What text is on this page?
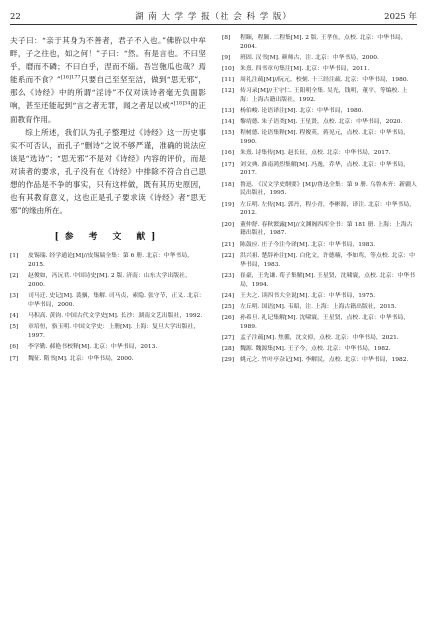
22	湖 南 大 学 学 报（社 会 科 学 版）	2025 年

夫子曰：“亲于其身为不善者，君子不入也。”佛肸以中牟畔，子之往也，如之何！”子曰：“然。有是言也。不曰坚乎，磨而不磷；不曰白乎，涅而不缁。吾岂匏瓜也哉？焉能系而不食？”$^{[16]177}$只要自己至坚至洁，做到“思无邪”，那么《诗经》中的所谓“淫诗”不仅对读诗者毫无负面影响，甚至还能起到“言之者无罪，闻之者足以戒”$^{[18]34}$的正面教育作用。

综上所述，我们认为孔子整理过《诗经》这一历史事实不可否认，而孔子“删诗”之说不够严谨，准确的说法应该是“选诗”；“思无邪”不是对《诗经》内容的评价，而是对读者的要求，孔子没有在《诗经》中排除不符合自己思想的作品是不争的事实，只有这样做，既有其历史原因，也有其教育意义，这也正是孔子要求读《诗经》者“思无邪”的缘由所在。

[参 考 文 献]
[1]	皮锡瑞. 经学通论[M]//皮锡瑞全集：第 6 册. 北京：中华书局，2015.
[2]	赵俊如，冯沅君. 中国诗史[M]. 2 版. 济南：山东大学出版社，2000.
[3]	司马迁. 史记[M]. 裴骃，集解. 司马贞，索隐. 张守节，正义. 北京：中华书局，2000.
[4]	马积高. 黄钧. 中国古代文学史[M]. 长沙：湖南文艺出版社，1992.
[5]	章培恒，骆玉明. 中国文学史：上册[M]. 上海：复旦大学出版社，1997.
[6]	李学勤. 郝艳书校释[M]. 北京：中华书局，2013.
[7]	魏征. 隋书[M]. 北京：中华书局，2000.
[8]	程颐，程颢. 二程集[M]. 2 版. 王孝鱼，点校. 北京：中华书局，2004.
[9]	班固. 汉书[M]. 颜师古，注. 北京：中华书局，2000.
[10]	朱熹. 四书章句集注[M]. 北京：中华书局，2011.
[11]	周礼注疏[M]//阮元，校刻. 十三经注疏. 北京：中华书局，1980.
[12]	传习录[M]//王守仁. 王阳明全集. 吴光，钱明，董平，等编校. 上海：上海古籍出版社，1992.
[13]	杨伯峻. 论语译注[M]. 北京：中华书局，1980.
[14]	黎靖德. 朱子语类[M]. 王星贤，点校. 北京：中华书局，2020.
[15]	程树德. 论语集释[M]. 程俊英，蒋见元，点校. 北京：中华书局，1990.
[16]	朱熹. 诗集传[M]. 赵长征，点校. 北京：中华书局，2017.
[17]	刘文典. 淮南鸿烈集解[M]. 冯逸，乔华，点校. 北京：中华书局，2017.
[18]	鲁迅. 《汉文学史纲要》[M]//鲁迅全集：第 9 册. 乌鲁木齐：新疆人民出版社，1995.
[19]	左丘明. 左传[M]. 郭丹，程小青，李彬源，译注. 北京：中华书局，2012.
[20]	董仲舒. 春秋繁露[M]//文渊阁四库全书：第 181 册. 上海：上海古籍出版社，1987.
[21]	陈鼓应. 庄子今注今译[M]. 北京：中华书局，1983.
[22]	洪兴祖. 楚辞补注[M]. 白化文，许德楠，李如鸾，等点校. 北京：中华书局，1983.
[23]	崔豪，王先谦. 荀子集解[M]. 王星贤，沈啸寰，点校. 北京：中华书局，1994.
[24]	王夫之. 读四书大全说[M]. 北京：中华书局，1975.
[25]	左丘明. 国语[M]. 韦昭，注. 上海：上海古籍出版社，2015.
[26]	孙希旦. 礼记集解[M]. 沈啸寰，王星贤，点校. 北京：中华书局，1989.
[27]	孟子注疏[M]. 焦循，沈文倬，点校. 北京：中华书局，2021.
[28]	魏源. 魏源集[M]. 王子今，点校. 北京：中华书局，1982.
[29]	姚元之. 竹叶亭杂记[M]. 李解民，点校. 北京：中华书局，1982.
